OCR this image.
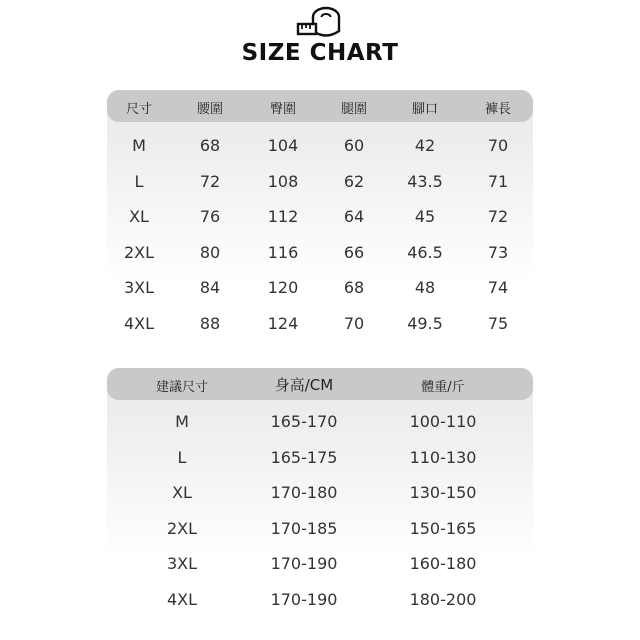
SIZE CHART
尺寸	腰圍	臀圍	腿圍	腳口	褲長
M	68	104	60	42	70
L	72	108	62	43.5	71
XL	76	112	64	45	72
2XL	80	116	66	46.5	73
3XL	84	120	68	48	74
4XL	88	124	70	49.5	75
建議尺寸	身高/CM	體重/斤
M	165-170	100-110
L	165-175	110-130
XL	170-180	130-150
2XL	170-185	150-165
3XL	170-190	160-180
4XL	170-190	180-200
